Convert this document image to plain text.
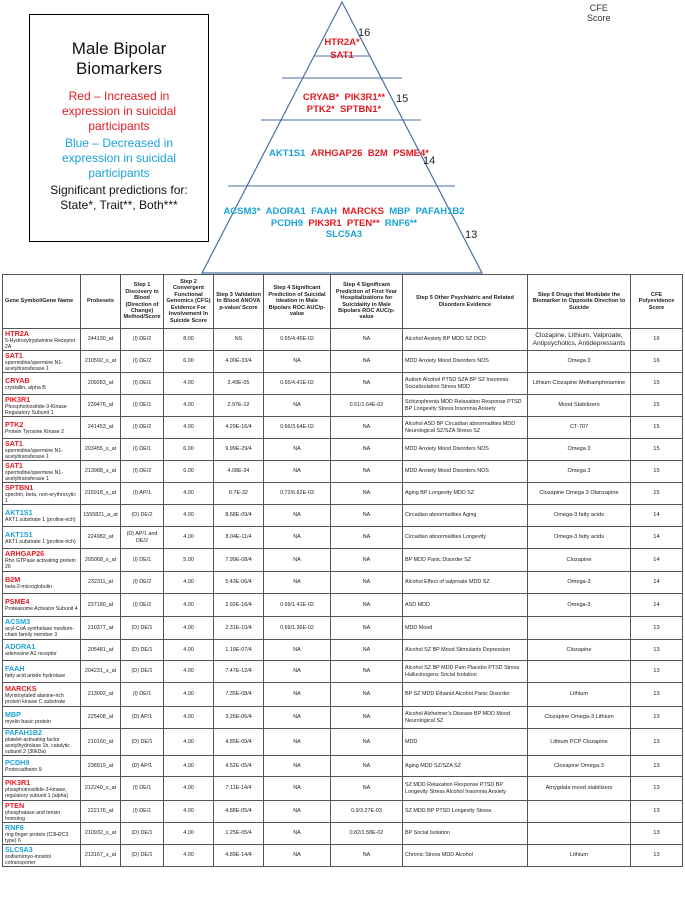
Male Bipolar
Biomarkers
Red – Increased in
expression in suicidal
participants
Blue – Decreased in
expression in suicidal
participants
Significant predictions for:
State*, Trait**, Both***
CFE
Score
HTR2A*
SAT1
16
CRYAB* PIK3R1**
PTK2* SPTBN1*
15
AKT1S1 ARHGAP26 B2M PSME4*
14
ACSM3* ADORA1 FAAH MARCKS MBP PAFAH1B2
PCDH9 PIK3R1 PTEN** RNF6**
SLC5A3	13
Gene Symbol/Gene Name	Probesets	Step 1 Discovery in Blood (Direction of Change) Method/Score	Step 2 Convergent Functional Genomics (CFG) Evidence For Involvement In Suicide Score	Step 3 Validation in Blood ANOVA p-value/ Score	Step 4 Significant Prediction of Suicidal Ideation in Male Bipolars ROC AUC/p-value	Step 4 Significant Prediction of First Year Hospitalizations for Suicidality in Male Bipolars ROC AUC/p-value	Step 5 Other Psychiatric and Related Disorders Evidence	Step 6 Drugs that Modulate the Biomarker in Opposite Direction to Suicide	CFE Polyevidence Score

HTR2A
5-Hydroxytryptamine Receptor 2A	244130_at	(I) DE/2	8.00	NS	0.65/4.45E-02	NA	Alcohol Anxiety BP MDD SZ OCD	Clozapine, Lithium, Valproate, Antipsychotics, Antidepressants	16

SAT1
spermidine/spermine N1-acetyltransferase 1	210592_s_at	(I) DE/2	6.00	4.00E-33/4	NA	NA	MDD Anxiety Mood Disorders NOS	Omega 3	16

CRYAB
crystallin, alpha B	209283_at	(I) DE/1	4.00	3.49E-05	0.65/4.41E-02	NA	Autism Alcohol PTSD SZA BP SZ Insomnia Socialisolation Stress MDD	Lithium Clozapine Methamphetamine	15

PIK3R1
Phosphoinositide-3-Kinase Regulatory Subunit 1	239476_at	(I) DE/1	4.00	2.97E-12	NA	0.51/1.64E-02	Schizophrenia MDD Relaxation Response PTSD BP Longevity Stress Insomnia Anxiety	Mood Stabilizers	15

PTK2
Protein Tyrosine Kinase 2	241453_at	(I) DE/2	4.00	4.29E-16/4	0.66/3.64E-02	NA	Alcohol ASD BP Circadian abnormalities MDD Neurological SZ/SZA Stress SZ	CT-707	15

SAT1
spermidine/spermine N1-acetyltransferase 1	203455_s_at	(I) DE/1	6.00	9.99E-29/4	NA	NA	MDD Anxiety Mood Disorders NOS	Omega 3	15

SAT1
spermidine/spermine N1-acetyltransferase 1	213988_s_at	(I) DE/2	6.00	4.08E-34	NA	NA	MDD Anxiety Mood Disorders NOS	Omega 3	15

SPTBN1
spectrin, beta, non-erythrocytic 1	215918_s_at	(I) AP/1	4.00	6.7E-32	0.72/6.62E-03	NA	Aging BP Longevity MDD SZ	Clozapine Omega 3 Olanzapine	15

AKT1S1
AKT1 substrate 1 (proline-rich)	1555821_a_at	(D) DE/2	4.00	8.68E-09/4	NA	NA	Circadian abnormalities Aging	Omega-3 fatty acids	14

AKT1S1
AKT1 substrate 1 (proline-rich)	224982_at	(D) AP/1 and DE/2	4.00	8.04E-11/4	NA	NA	Circadian abnormalities Longevity	Omega-3 fatty acids	14

ARHGAP26
Rho GTPase activating protein 26	205068_s_at	(I) DE/1	5.00	7.99E-08/4	NA	NA	BP MDD Panic Disorder SZ	Clozapine	14

B2M
beta-2-microglobulin	232311_at	(I) DE/2	4.00	5.43E-06/4	NA	NA	Alcohol Effect of valproate MDD SZ	Omega-3	14

PSME4
Proteasome Activator Subunit 4	237180_at	(I) DE/2	4.00	2.92E-16/4	0.69/1.41E-02	NA	ASD MDD	Omega-3	14

ACSM3
acyl-CoA synthetase medium-chain family member 3	210377_at	(D) DE/1	4.00	2.31E-10/4	0.69/1.36E-02	NA	MDD Mood		13

ADORA1
adenosine A1 receptor	205481_at	(D) DE/1	4.00	1.19E-07/4	NA	NA	Alcohol SZ BP Mood Stimulants Depression	Clozapine	13

FAAH
fatty acid amide hydrolase	204231_s_at	(D) DE/1	4.00	7.47E-12/4	NA	NA	Alcohol SZ BP MDD Pain Placebo PTSD Stress Hallucinogens Social Isolation		13

MARCKS
Myristoylated alanine-rich protein kinase C substrate	213002_at	(I) DE/1	4.00	7.35E-08/4	NA	NA	BP SZ MDD Ethanol Alcohol Panic Disorder	Lithium	13

MBP
myelin basic protein	225408_at	(D) AP/1	4.00	3.26E-06/4	NA	NA	Alcohol Alzheimer's Disease BP MDD Mood Neurological SZ	Clozapine Omega-3 Lithium	13

PAFAH1B2
platelet-activating factor acetylhydrolase 1b, catalytic subunit 2 (30kDa)	210160_at	(D) DE/1	4.00	4.85E-09/4	NA	NA	MDD	Lithium PCP Clozapine	13

PCDH9
Protocadherin 9	238919_at	(D) AP/1	4.00	4.52E-05/4	NA	NA	Aging MDD SZ/SZA SZ	Clozapine Omega-3	13

PIK3R1
phosphoinositide-3-kinase, regulatory subunit 1 (alpha)	212240_s_at	(I) DE/1	4.00	7.11E-14/4	NA	NA	SZ MDD Relaxation Response PTSD BP Longevity Stress Alcohol Insomnia Anxiety	Amygdala mood stabilizers	13

PTEN
phosphatase and tensin homolog	222176_at	(I) DE/1	4.00	4.88E-05/4	NA	0.9/3.27E-03	SZ MDD BP PTSD Longevity Stress		13

RNF6
ring finger protein (C3H2C3 type) 6	210932_s_at	(D) DE/1	4.00	1.25E-05/4	NA	0.82/1.58E-02	BP Social Isolation		13

SLC5A3
sodium/myo-inositol cotransporter	213167_s_at	(D) DE/1	4.00	4.89E-14/4	NA	NA	Chronic Stress MDD Alcohol	Lithium	13
